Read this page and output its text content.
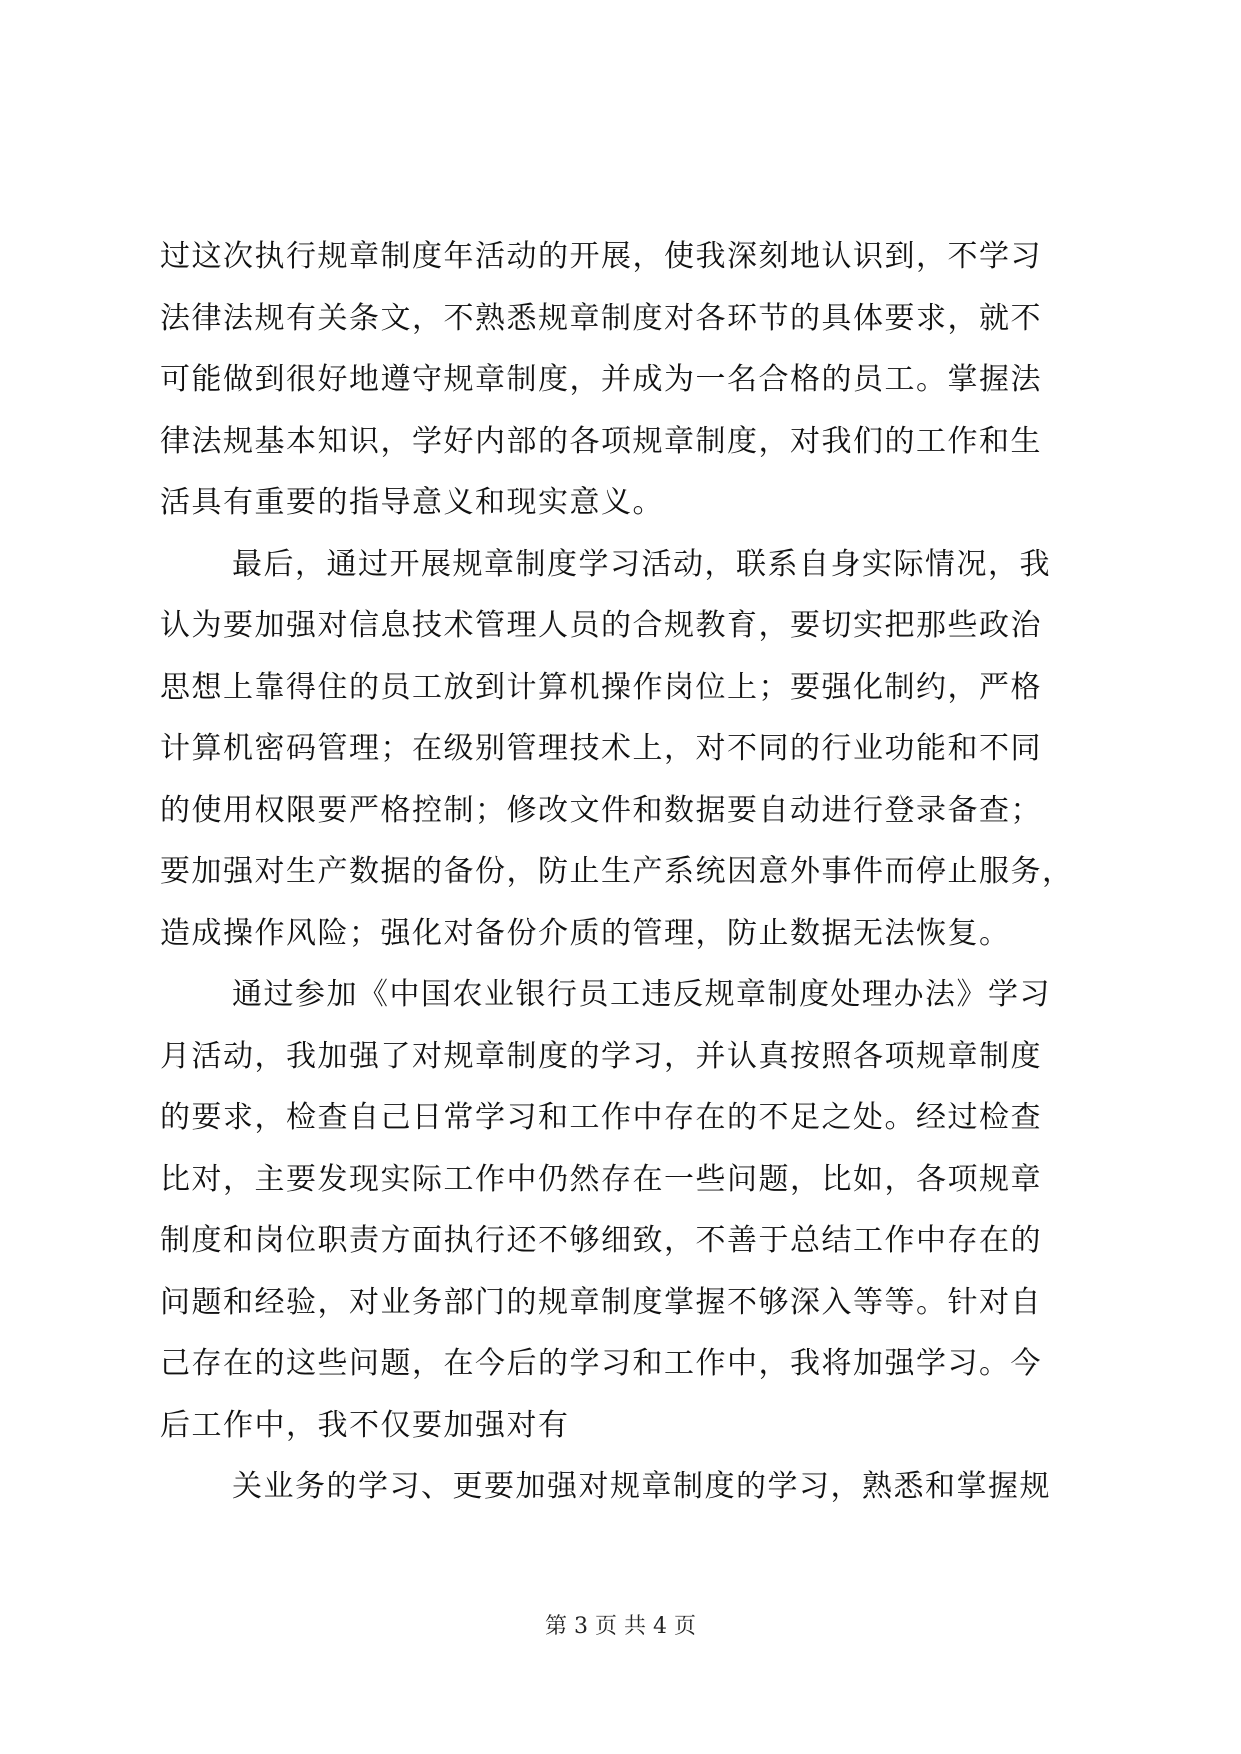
过这次执行规章制度年活动的开展，使我深刻地认识到，不学习
法律法规有关条文，不熟悉规章制度对各环节的具体要求，就不
可能做到很好地遵守规章制度，并成为一名合格的员工。掌握法
律法规基本知识，学好内部的各项规章制度，对我们的工作和生
活具有重要的指导意义和现实意义。
最后，通过开展规章制度学习活动，联系自身实际情况，我
认为要加强对信息技术管理人员的合规教育，要切实把那些政治
思想上靠得住的员工放到计算机操作岗位上；要强化制约，严格
计算机密码管理；在级别管理技术上，对不同的行业功能和不同
的使用权限要严格控制；修改文件和数据要自动进行登录备查；
要加强对生产数据的备份，防止生产系统因意外事件而停止服务，
造成操作风险；强化对备份介质的管理，防止数据无法恢复。
通过参加《中国农业银行员工违反规章制度处理办法》学习
月活动，我加强了对规章制度的学习，并认真按照各项规章制度
的要求，检查自己日常学习和工作中存在的不足之处。经过检查
比对，主要发现实际工作中仍然存在一些问题，比如，各项规章
制度和岗位职责方面执行还不够细致，不善于总结工作中存在的
问题和经验，对业务部门的规章制度掌握不够深入等等。针对自
己存在的这些问题，在今后的学习和工作中，我将加强学习。今
后工作中，我不仅要加强对有
关业务的学习、更要加强对规章制度的学习，熟悉和掌握规
第 3 页 共 4 页
